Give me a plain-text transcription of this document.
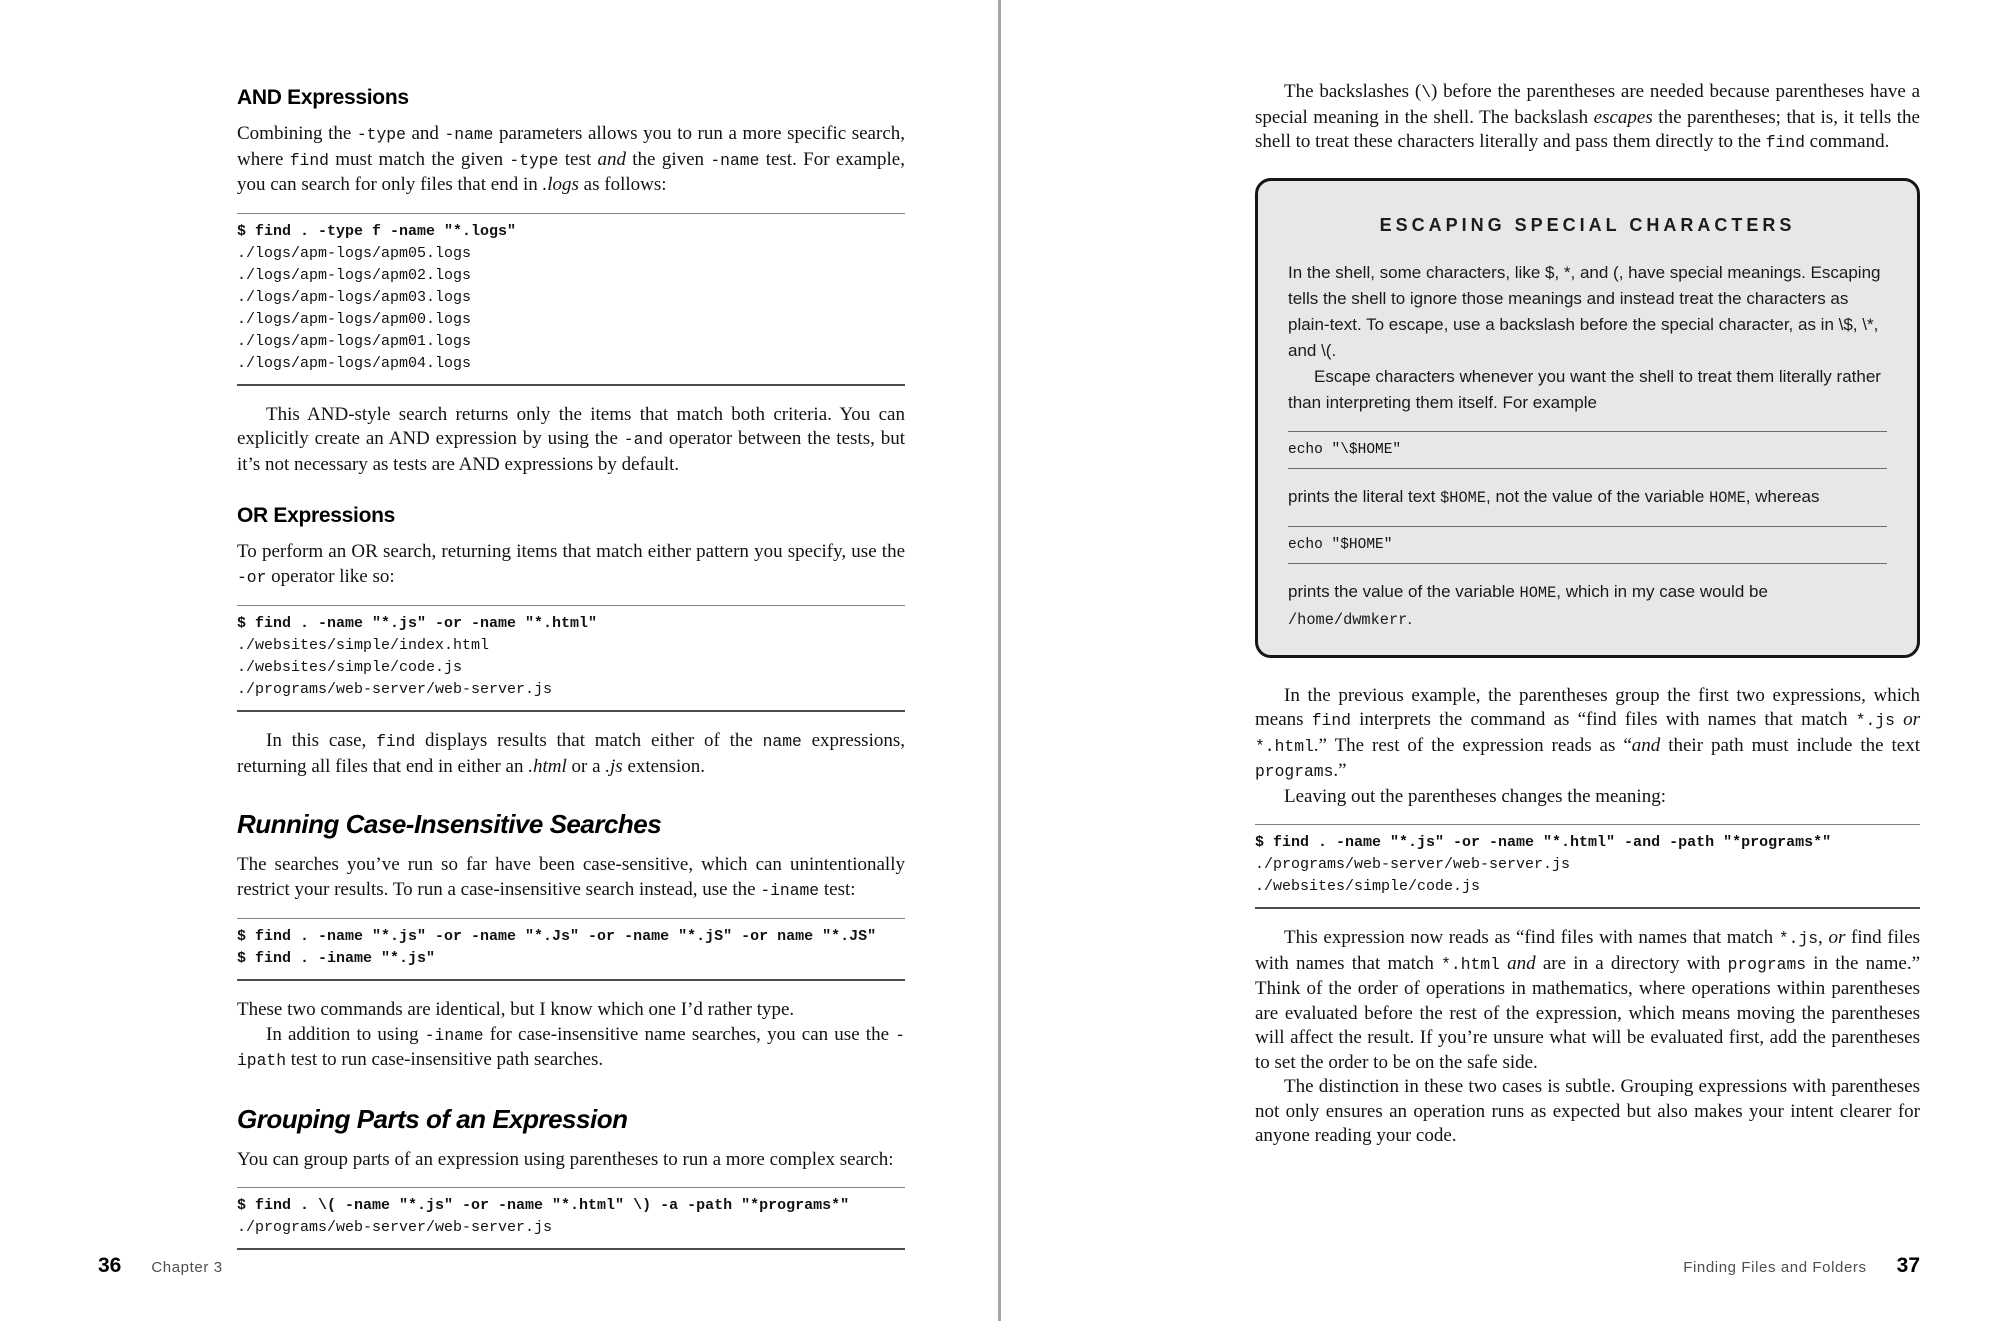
AND Expressions

Combining the -type and -name parameters allows you to run a more specific search, where find must match the given -type test and the given -name test. For example, you can search for only files that end in .logs as follows:

$ find . -type f -name "*.logs"
./logs/apm-logs/apm05.logs
./logs/apm-logs/apm02.logs
./logs/apm-logs/apm03.logs
./logs/apm-logs/apm00.logs
./logs/apm-logs/apm01.logs
./logs/apm-logs/apm04.logs

This AND-style search returns only the items that match both criteria. You can explicitly create an AND expression by using the -and operator between the tests, but it’s not necessary as tests are AND expressions by default.

OR Expressions

To perform an OR search, returning items that match either pattern you specify, use the -or operator like so:

$ find . -name "*.js" -or -name "*.html"
./websites/simple/index.html
./websites/simple/code.js
./programs/web-server/web-server.js

In this case, find displays results that match either of the name expressions, returning all files that end in either an .html or a .js extension.

Running Case-Insensitive Searches

The searches you’ve run so far have been case-sensitive, which can unintentionally restrict your results. To run a case-insensitive search instead, use the -iname test:

$ find . -name "*.js" -or -name "*.Js" -or -name "*.jS" -or name "*.JS"
$ find . -iname "*.js"

These two commands are identical, but I know which one I’d rather type.

In addition to using -iname for case-insensitive name searches, you can use the -ipath test to run case-insensitive path searches.

Grouping Parts of an Expression

You can group parts of an expression using parentheses to run a more complex search:

$ find . \( -name "*.js" -or -name "*.html" \) -a -path "*programs*"
./programs/web-server/web-server.js

The backslashes (\) before the parentheses are needed because parentheses have a special meaning in the shell. The backslash escapes the parentheses; that is, it tells the shell to treat these characters literally and pass them directly to the find command.

ESCAPING SPECIAL CHARACTERS

In the shell, some characters, like $, *, and (, have special meanings. Escaping tells the shell to ignore those meanings and instead treat the characters as plain-text. To escape, use a backslash before the special character, as in \$, \*, and \(.

Escape characters whenever you want the shell to treat them literally rather than interpreting them itself. For example

echo "\$HOME"

prints the literal text $HOME, not the value of the variable HOME, whereas

echo "$HOME"

prints the value of the variable HOME, which in my case would be /home/dwmkerr.

In the previous example, the parentheses group the first two expressions, which means find interprets the command as “find files with names that match *.js or *.html.” The rest of the expression reads as “and their path must include the text programs.”

Leaving out the parentheses changes the meaning:

$ find . -name "*.js" -or -name "*.html" -and -path "*programs*"
./programs/web-server/web-server.js
./websites/simple/code.js

This expression now reads as “find files with names that match *.js, or find files with names that match *.html and are in a directory with programs in the name.” Think of the order of operations in mathematics, where operations within parentheses are evaluated before the rest of the expression, which means moving the parentheses will affect the result. If you’re unsure what will be evaluated first, add the parentheses to set the order to be on the safe side.

The distinction in these two cases is subtle. Grouping expressions with parentheses not only ensures an operation runs as expected but also makes your intent clearer for anyone reading your code.

36 Chapter 3	Finding Files and Folders 37
